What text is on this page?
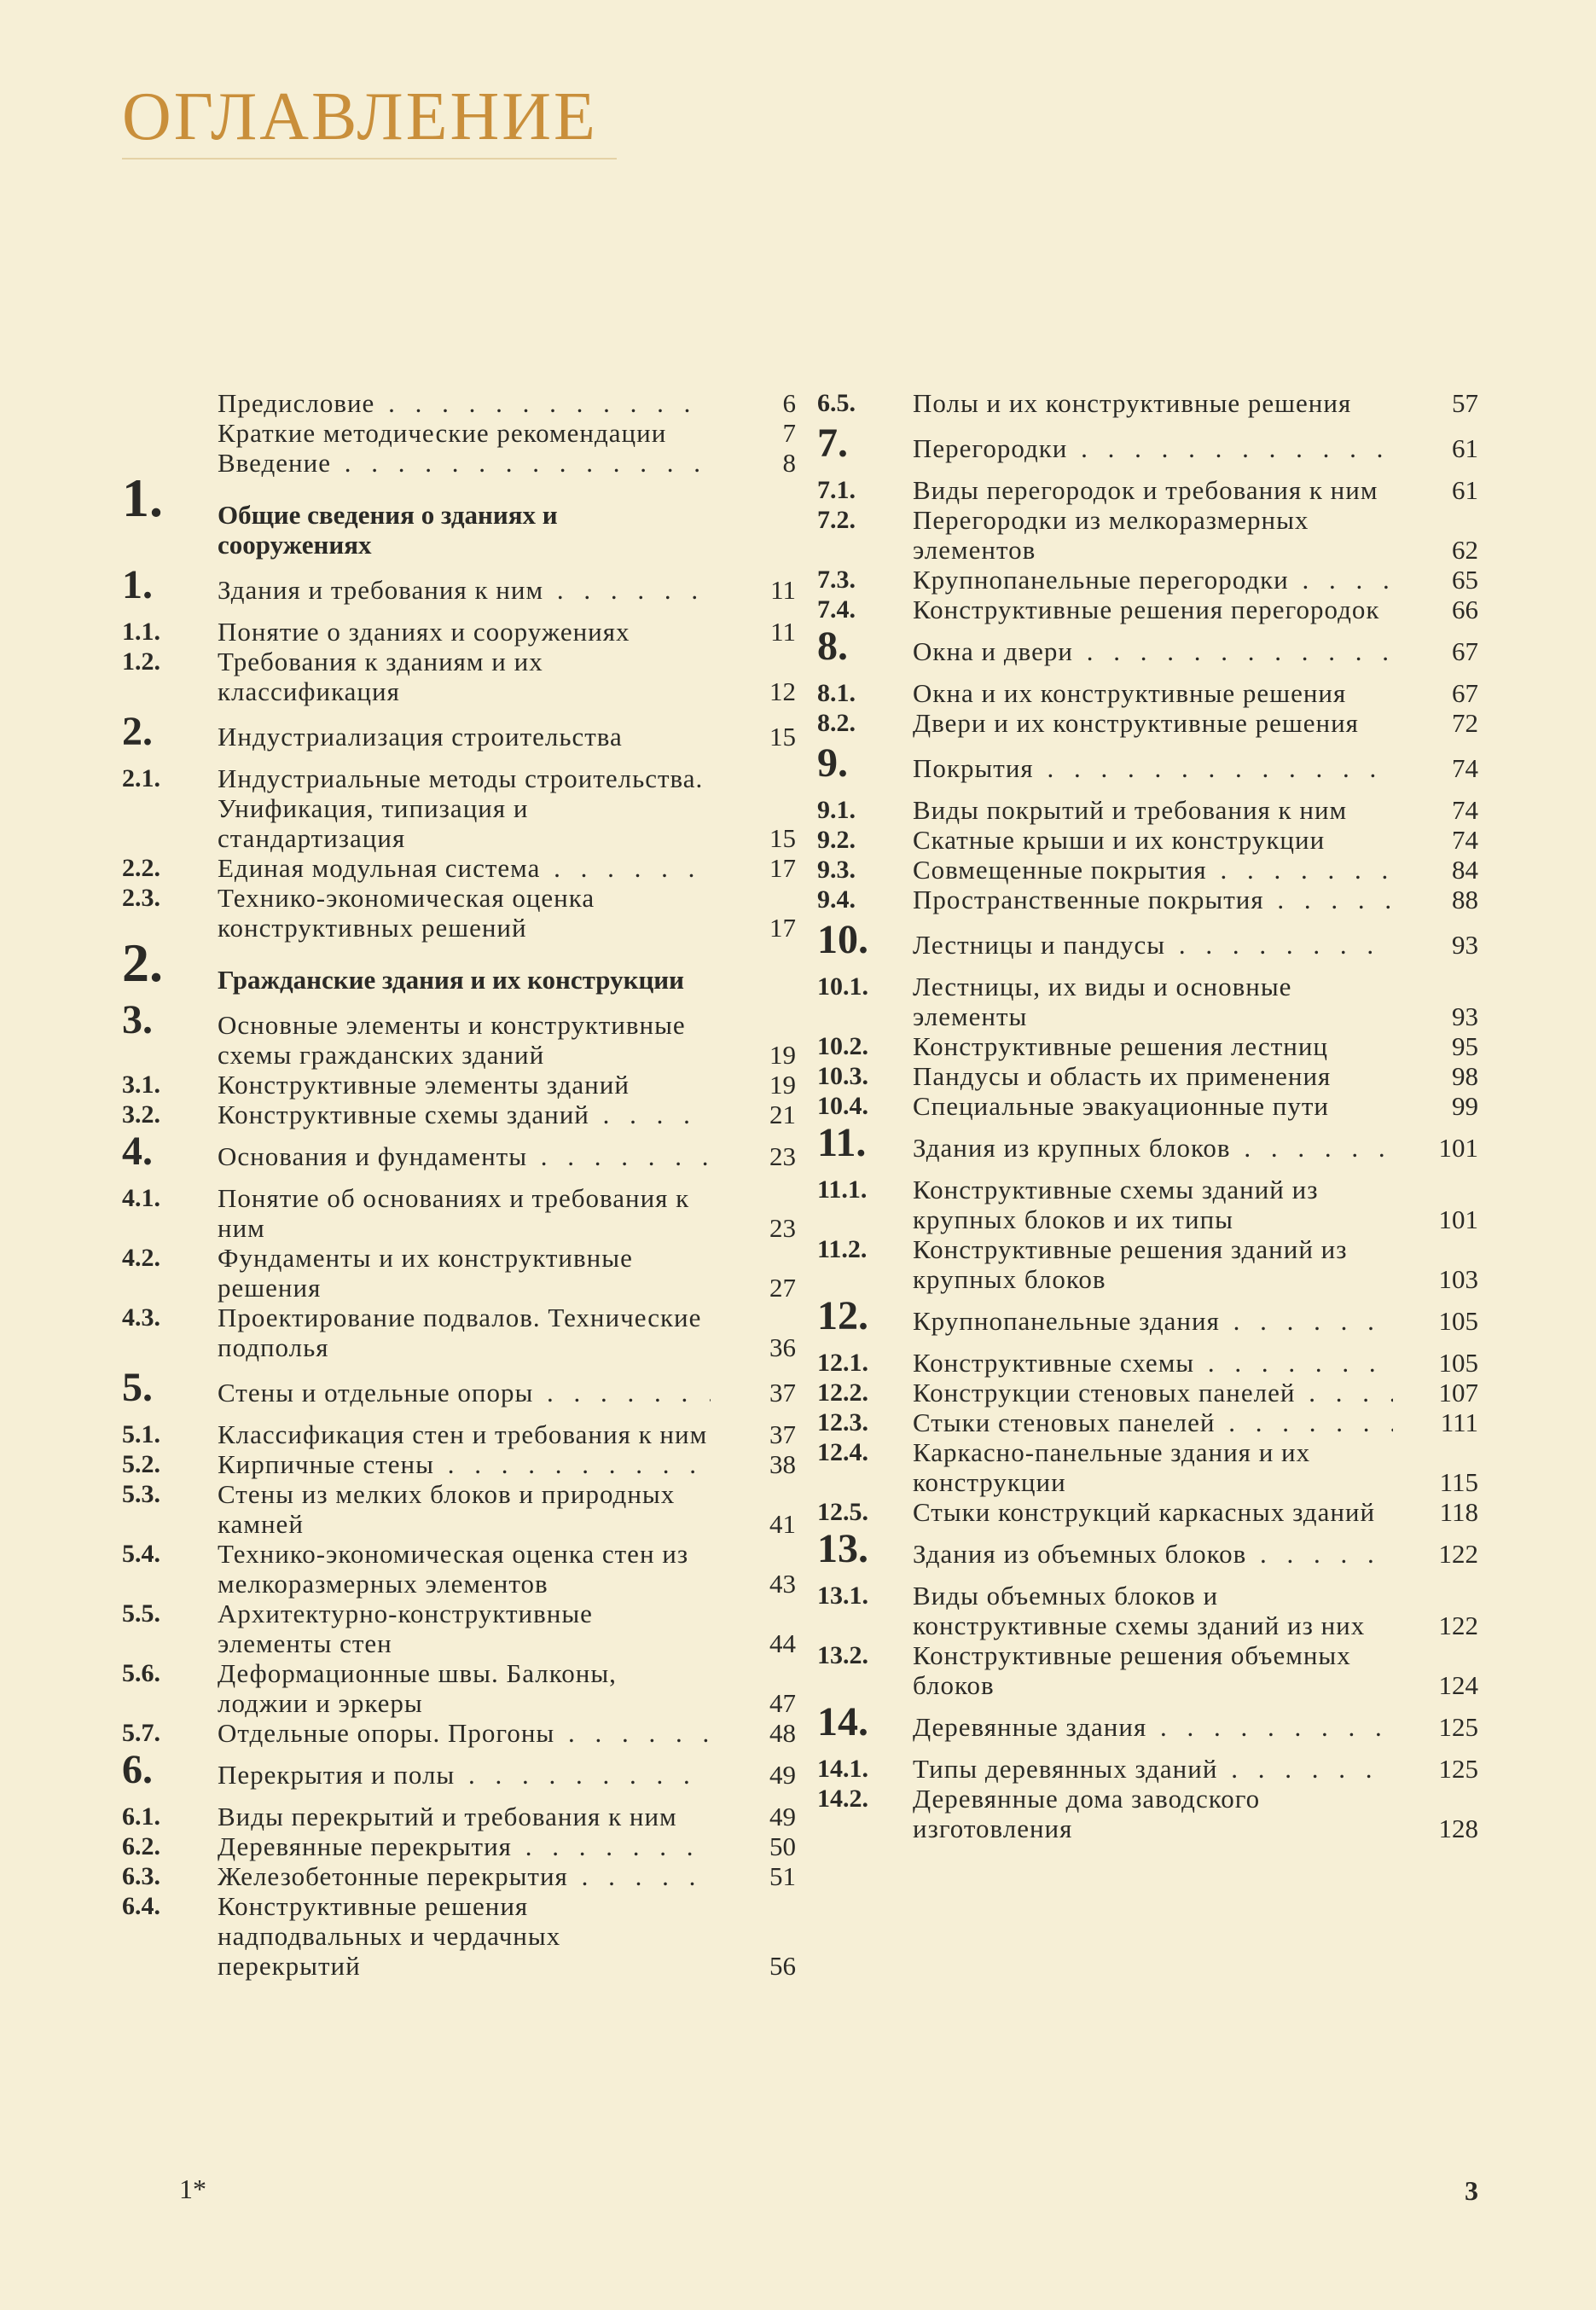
ОГЛАВЛЕНИЕ
Предисловие . . .	6
Краткие методические рекомендации	7
Введение . . .	8
1. Общие сведения о зданиях и сооружениях
1. Здания и требования к ним . . .	11
1.1. Понятие о зданиях и сооружениях	11
1.2. Требования к зданиям и их классификация	12
2. Индустриализация строительства	15
2.1. Индустриальные методы строительства. Унификация, типизация и стандартизация	15
2.2. Единая модульная система . . .	17
2.3. Технико-экономическая оценка конструктивных решений	17
2. Гражданские здания и их конструкции
3. Основные элементы и конструктивные схемы гражданских зданий	19
3.1. Конструктивные элементы зданий	19
3.2. Конструктивные схемы зданий . . .	21
4. Основания и фундаменты . . .	23
4.1. Понятие об основаниях и требования к ним	23
4.2. Фундаменты и их конструктивные решения	27
4.3. Проектирование подвалов. Технические подполья	36
5. Стены и отдельные опоры . . .	37
5.1. Классификация стен и требования к ним	37
5.2. Кирпичные стены . . .	38
5.3. Стены из мелких блоков и природных камней	41
5.4. Технико-экономическая оценка стен из мелкоразмерных элементов	43
5.5. Архитектурно-конструктивные элементы стен	44
5.6. Деформационные швы. Балконы, лоджии и эркеры	47
5.7. Отдельные опоры. Прогоны . . .	48
6. Перекрытия и полы . . .	49
6.1. Виды перекрытий и требования к ним	49
6.2. Деревянные перекрытия . . .	50
6.3. Железобетонные перекрытия . . .	51
6.4. Конструктивные решения надподвальных и чердачных перекрытий	56
6.5. Полы и их конструктивные решения	57
7. Перегородки . . .	61
7.1. Виды перегородок и требования к ним	61
7.2. Перегородки из мелкоразмерных элементов	62
7.3. Крупнопанельные перегородки . . .	65
7.4. Конструктивные решения перегородок	66
8. Окна и двери . . .	67
8.1. Окна и их конструктивные решения	67
8.2. Двери и их конструктивные решения	72
9. Покрытия . . .	74
9.1. Виды покрытий и требования к ним	74
9.2. Скатные крыши и их конструкции	74
9.3. Совмещенные покрытия . . .	84
9.4. Пространственные покрытия . . .	88
10. Лестницы и пандусы . . .	93
10.1. Лестницы, их виды и основные элементы	93
10.2. Конструктивные решения лестниц	95
10.3. Пандусы и область их применения	98
10.4. Специальные эвакуационные пути	99
11. Здания из крупных блоков . . .	101
11.1. Конструктивные схемы зданий из крупных блоков и их типы	101
11.2. Конструктивные решения зданий из крупных блоков	103
12. Крупнопанельные здания . . .	105
12.1. Конструктивные схемы . . .	105
12.2. Конструкции стеновых панелей . . .	107
12.3. Стыки стеновых панелей . . .	111
12.4. Каркасно-панельные здания и их конструкции	115
12.5. Стыки конструкций каркасных зданий	118
13. Здания из объемных блоков . . .	122
13.1. Виды объемных блоков и конструктивные схемы зданий из них	122
13.2. Конструктивные решения объемных блоков	124
14. Деревянные здания . . .	125
14.1. Типы деревянных зданий . . .	125
14.2. Деревянные дома заводского изготовления	128
1*	3
